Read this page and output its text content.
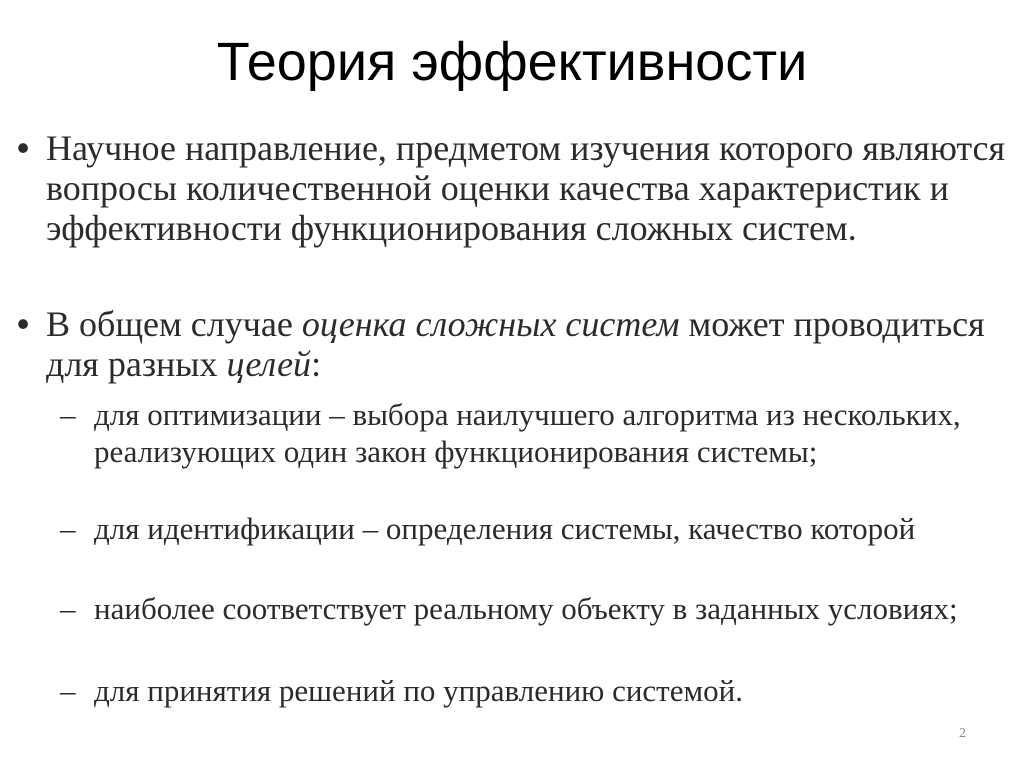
Теория эффективности
• Научное направление, предметом изучения которого являются вопросы количественной оценки качества характеристик и эффективности функционирования сложных систем.
• В общем случае оценка сложных систем может проводиться для разных целей:
– для оптимизации – выбора наилучшего алгоритма из нескольких, реализующих один закон функционирования системы;
– для идентификации – определения системы, качество которой
– наиболее соответствует реальному объекту в заданных условиях;
– для принятия решений по управлению системой.
2
